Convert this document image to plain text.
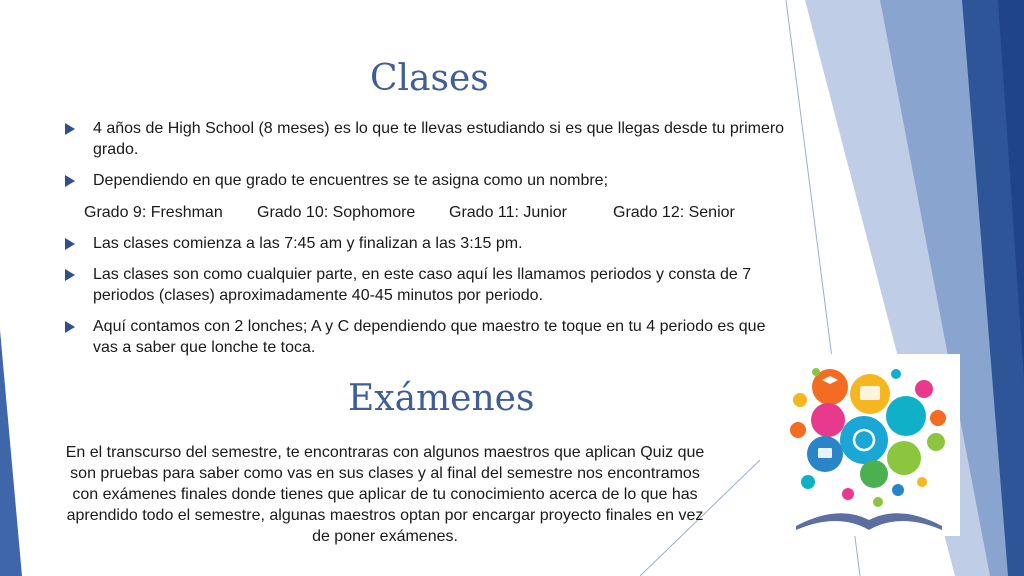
Clases
4 años de High School (8 meses) es lo que te llevas estudiando si es que llegas desde tu primero grado.
Dependiendo en que grado te encuentres se te asigna como un nombre;
Las clases comienza a las 7:45 am y finalizan a las 3:15 pm.
Las clases son como cualquier parte, en este caso aquí les llamamos periodos y consta de 7 periodos (clases) aproximadamente 40-45 minutos por periodo.
Aquí contamos con 2 lonches; A y C dependiendo que maestro te toque en tu 4 periodo es que vas a saber que lonche te toca.
Grado 9: Freshman Grado 10: Sophomore Grado 11: Junior	Grado 12: Senior
Exámenes

En el transcurso del semestre, te encontraras con algunos maestros que aplican Quiz que son pruebas para saber como vas en sus clases y al final del semestre nos encontramos con exámenes finales donde tienes que aplicar de tu conocimiento acerca de lo que has aprendido todo el semestre, algunas maestros optan por encargar proyecto finales en vez de poner exámenes.
